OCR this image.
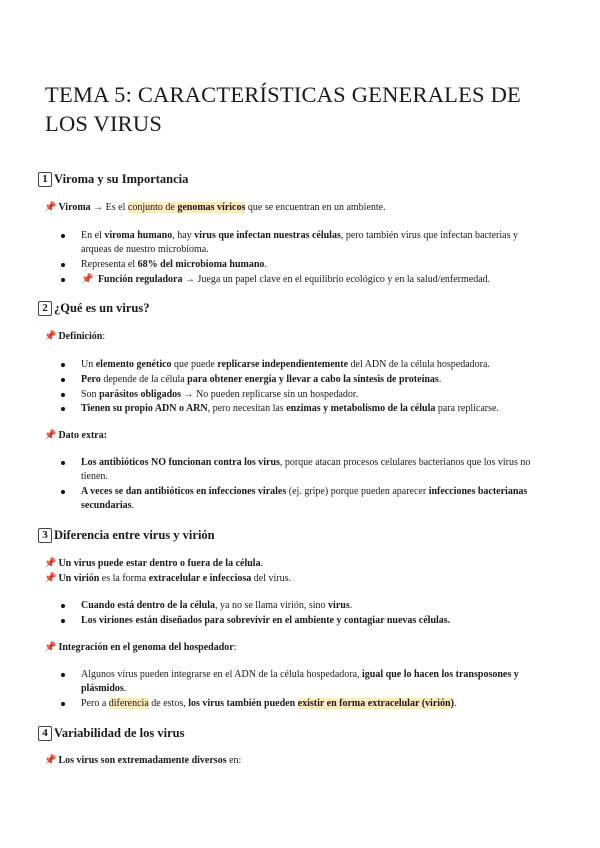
TEMA 5: CARACTERÍSTICAS GENERALES DE LOS VIRUS
1 Viroma y su Importancia
📌 Viroma → Es el conjunto de genomas víricos que se encuentran en un ambiente.
En el viroma humano, hay virus que infectan nuestras células, pero también virus que infectan bacterias y arqueas de nuestro microbioma.
Representa el 68% del microbioma humano.
📌 Función reguladora → Juega un papel clave en el equilibrio ecológico y en la salud/enfermedad.
2 ¿Qué es un virus?
📌 Definición:
Un elemento genético que puede replicarse independientemente del ADN de la célula hospedadora.
Pero depende de la célula para obtener energía y llevar a cabo la síntesis de proteínas.
Son parásitos obligados → No pueden replicarse sin un hospedador.
Tienen su propio ADN o ARN, pero necesitan las enzimas y metabolismo de la célula para replicarse.
📌 Dato extra:
Los antibióticos NO funcionan contra los virus, porque atacan procesos celulares bacterianos que los virus no tienen.
A veces se dan antibióticos en infecciones virales (ej. gripe) porque pueden aparecer infecciones bacterianas secundarias.
3 Diferencia entre virus y virión
📌 Un virus puede estar dentro o fuera de la célula.
📌 Un virión es la forma extracelular e infecciosa del virus.
Cuando está dentro de la célula, ya no se llama virión, sino virus.
Los viriones están diseñados para sobrevivir en el ambiente y contagiar nuevas células.
📌 Integración en el genoma del hospedador:
Algunos virus pueden integrarse en el ADN de la célula hospedadora, igual que lo hacen los transposones y plásmidos.
Pero a diferencia de estos, los virus también pueden existir en forma extracelular (virión).
4 Variabilidad de los virus
📌 Los virus son extremadamente diversos en:
